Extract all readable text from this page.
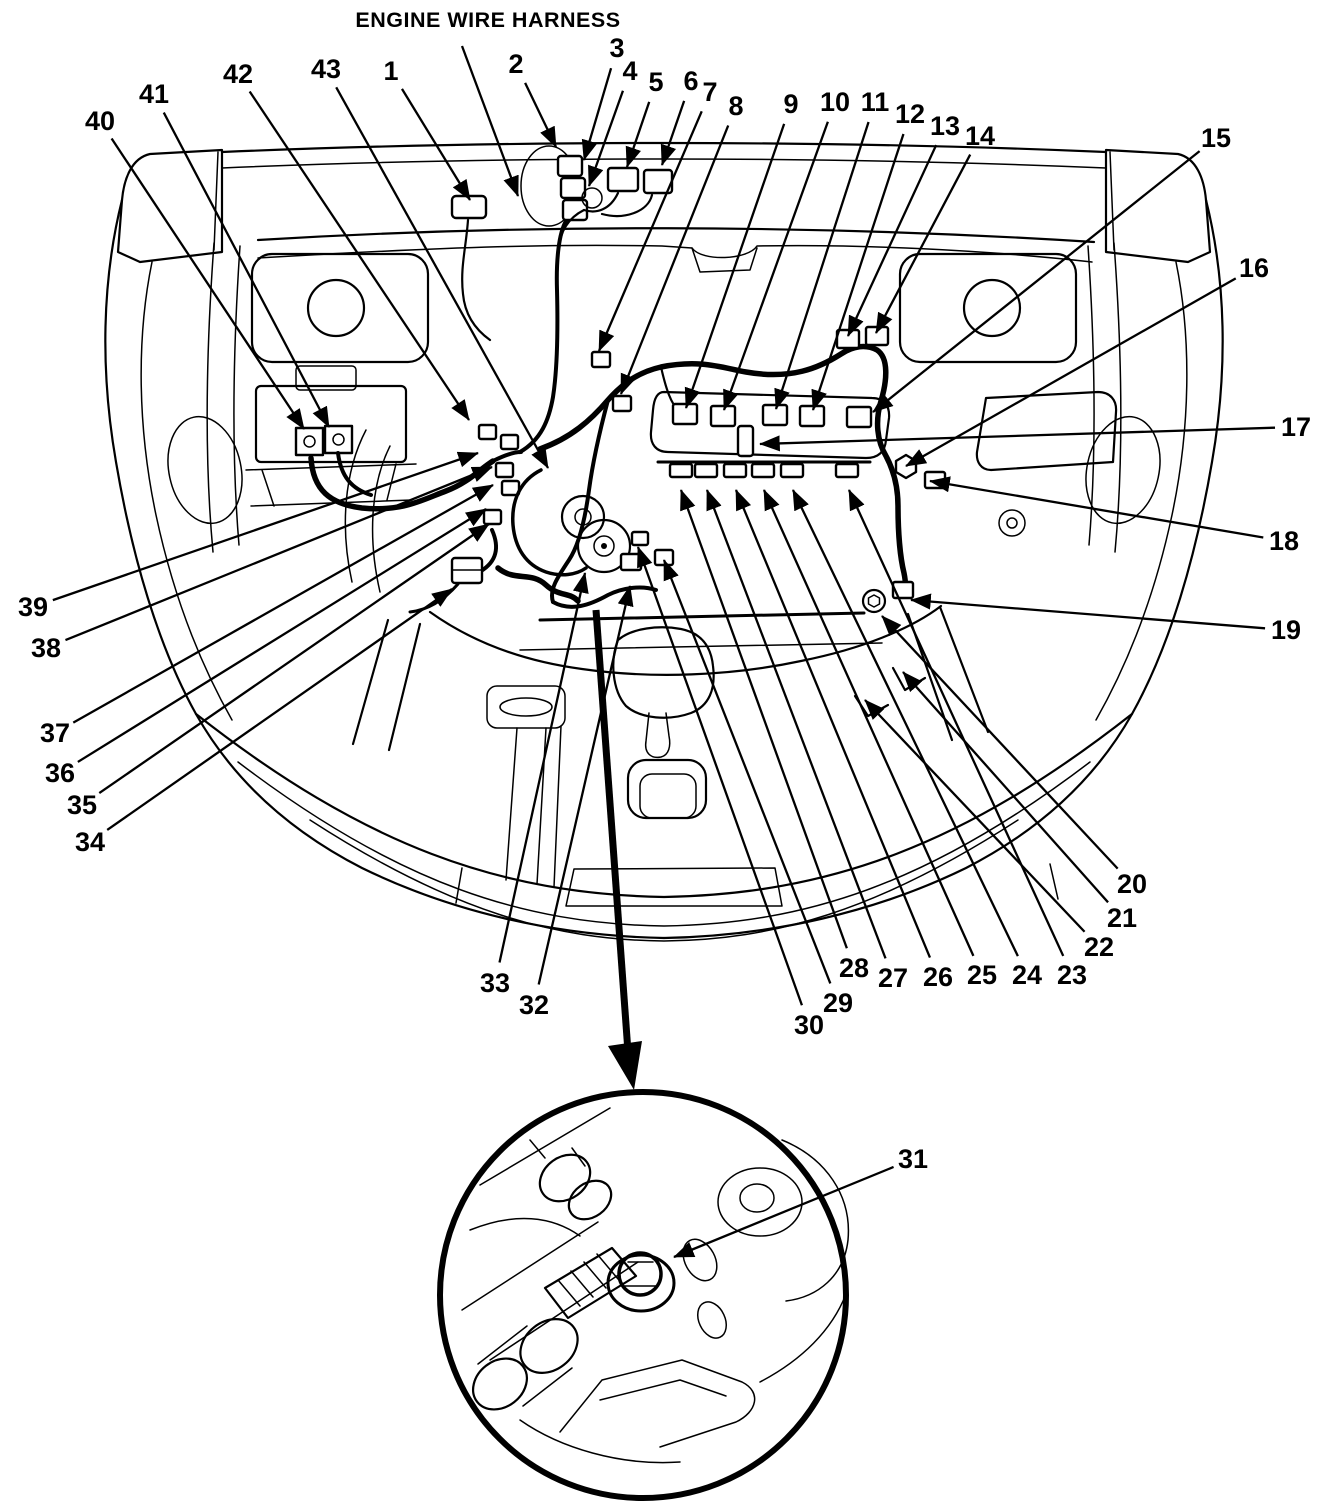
ENGINE WIRE HARNESS
1	2
3
4 5 6 7 8 9 10 11 12 13 14	15
16
17
18
19
20
21
22
23
24
25
26
27
28
29
30
32
33
34
35
36
37
38
39
40
41
42 43
31
